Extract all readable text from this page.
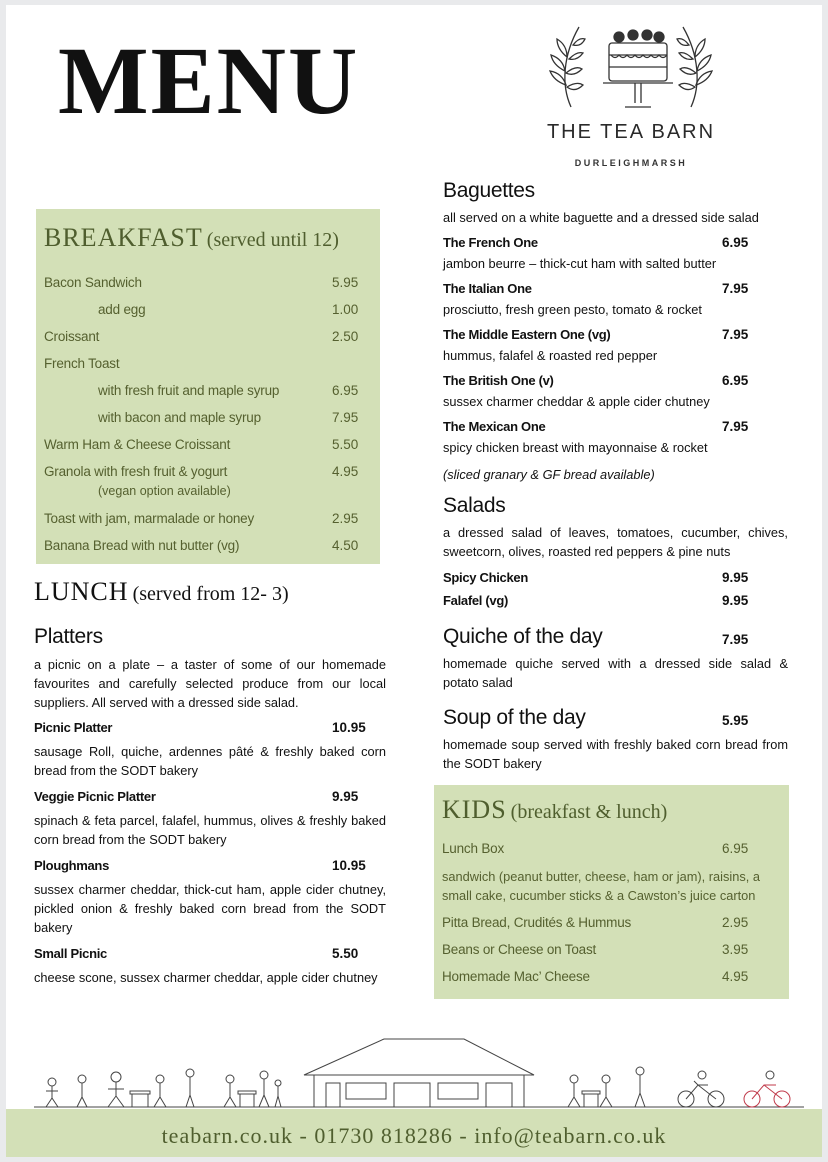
MENU	THE TEA BARN
DURLEIGHMARSH
BREAKFAST (served until 12)
Bacon Sandwich	5.95
add egg	1.00
Croissant	2.50
French Toast
with fresh fruit and maple syrup	6.95
with bacon and maple syrup	7.95
Warm Ham & Cheese Croissant	5.50
Granola with fresh fruit & yogurt	4.95
(vegan option available)
Toast with jam, marmalade or honey	2.95
Banana Bread with nut butter (vg)	4.50
LUNCH (served from 12- 3)
Platters
a picnic on a plate – a taster of some of our homemade favourites and carefully selected produce from our local suppliers. All served with a dressed side salad.
Picnic Platter	10.95
sausage Roll, quiche, ardennes pâté & freshly baked corn bread from the SODT bakery
Veggie Picnic Platter	9.95
spinach & feta parcel, falafel, hummus, olives & freshly baked corn bread from the SODT bakery
Ploughmans	10.95
sussex charmer cheddar, thick-cut ham, apple cider chutney, pickled onion & freshly baked corn bread from the SODT bakery
Small Picnic	5.50
cheese scone, sussex charmer cheddar, apple cider chutney
Baguettes
all served on a white baguette and a dressed side salad
The French One	6.95
jambon beurre – thick-cut ham with salted butter
The Italian One	7.95
prosciutto, fresh green pesto, tomato & rocket
The Middle Eastern One (vg)	7.95
hummus, falafel & roasted red pepper
The British One (v)	6.95
sussex charmer cheddar & apple cider chutney
The Mexican One	7.95
spicy chicken breast with mayonnaise & rocket
(sliced granary & GF bread available)
Salads
a dressed salad of leaves, tomatoes, cucumber, chives, sweetcorn, olives, roasted red peppers & pine nuts
Spicy Chicken	9.95
Falafel (vg)	9.95
Quiche of the day	7.95
homemade quiche served with a dressed side salad & potato salad
Soup of the day	5.95
homemade soup served with freshly baked corn bread from the SODT bakery
KIDS (breakfast & lunch)
Lunch Box	6.95
sandwich (peanut butter, cheese, ham or jam), raisins, a small cake, cucumber sticks & a Cawston’s juice carton
Pitta Bread, Crudités & Hummus	2.95
Beans or Cheese on Toast	3.95
Homemade Mac’ Cheese	4.95
teabarn.co.uk - 01730 818286 - info@teabarn.co.uk
